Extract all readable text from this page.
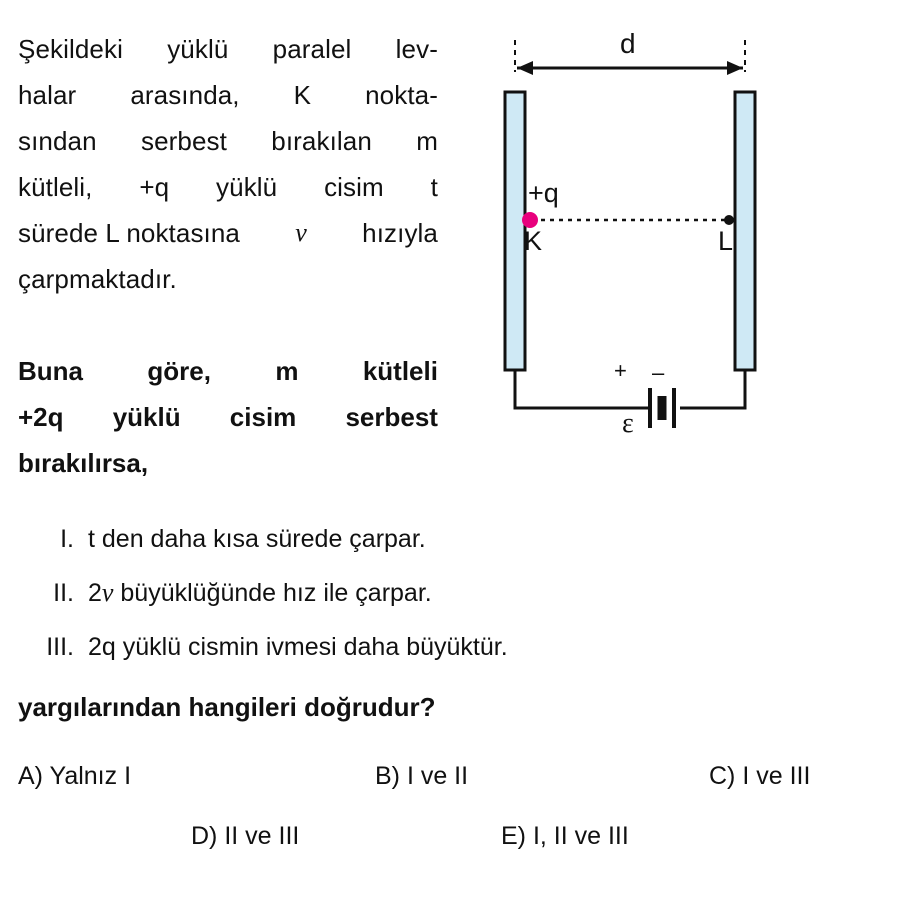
Şekildeki yüklü paralel lev-
halar arasında, K nokta-
sından serbest bırakılan m
kütleli, +q yüklü cisim t
sürede L noktasına ν hızıyla
çarpmaktadır.
Buna göre, m kütleli
+2q yüklü cisim serbest
bırakılırsa,
d
+q
K	L
+ ‒
ε
I. t den daha kısa sürede çarpar.
II. 2ν büyüklüğünde hız ile çarpar.
III. 2q yüklü cismin ivmesi daha büyüktür.
yargılarından hangileri doğrudur?
A) Yalnız I	B) I ve II	C) I ve III
D) II ve III	E) I, II ve III
